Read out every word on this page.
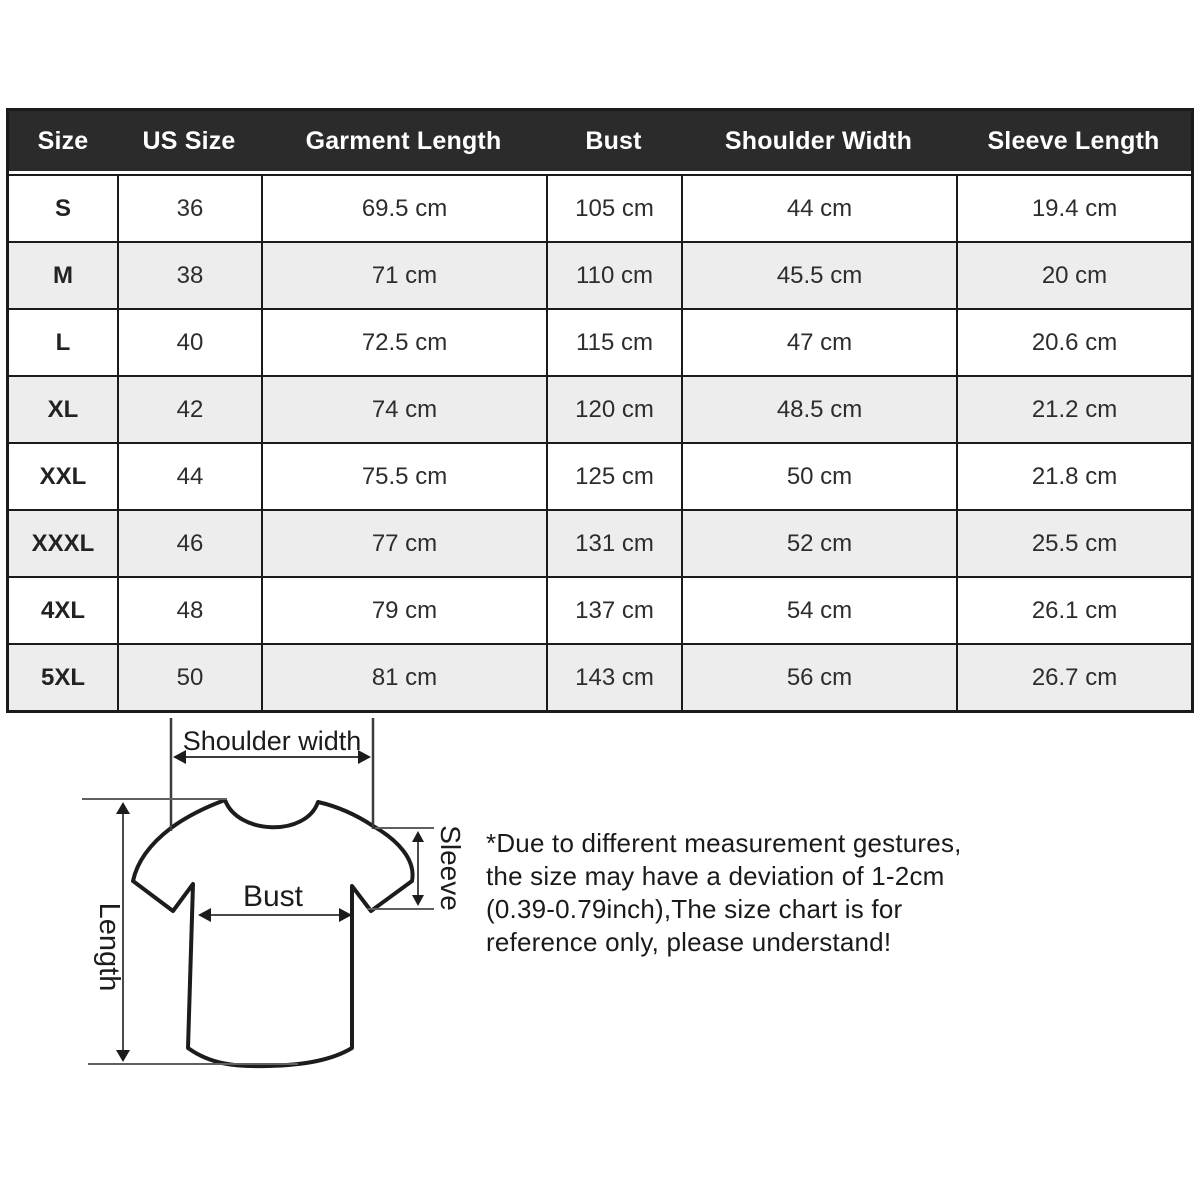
Size	US Size	Garment Length	Bust	Shoulder Width	Sleeve Length
S	36	69.5 cm	105 cm	44 cm	19.4 cm
M	38	71 cm	110 cm	45.5 cm	20 cm
L	40	72.5 cm	115 cm	47 cm	20.6 cm
XL	42	74 cm	120 cm	48.5 cm	21.2 cm
XXL	44	75.5 cm	125 cm	50 cm	21.8 cm
XXXL	46	77 cm	131 cm	52 cm	25.5 cm
4XL	48	79 cm	137 cm	54 cm	26.1 cm
5XL	50	81 cm	143 cm	56 cm	26.7 cm
Shoulder width
Length
Sleeve
Bust
*Due to different measurement gestures,
the size may have a deviation of 1-2cm
(0.39-0.79inch),The size chart is for
reference only, please understand!
